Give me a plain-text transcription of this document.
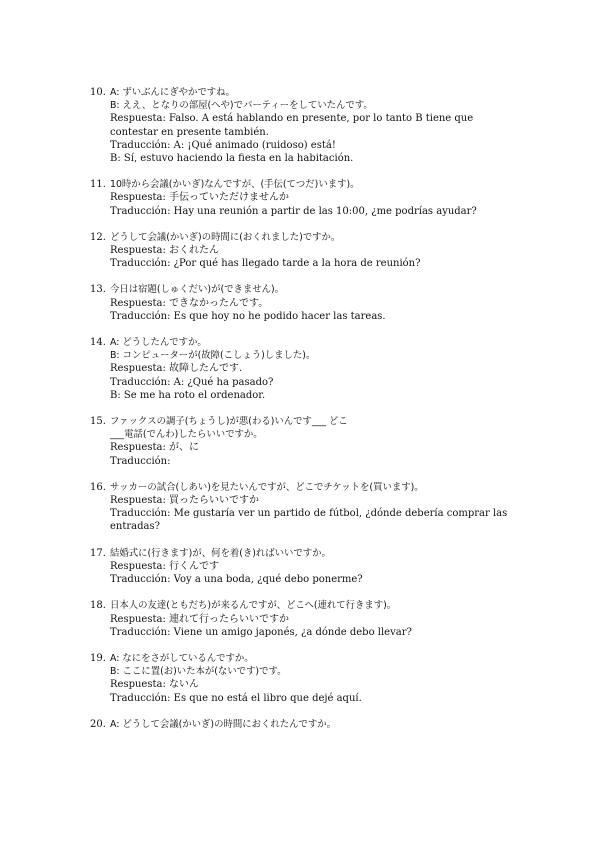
10. A: ずいぶんにぎやかですね。
B: ええ、となりの部屋(へや)でパーティーをしていたんです。
Respuesta: Falso. A está hablando en presente, por lo tanto B tiene que contestar en presente también.
Traducción: A: ¡Qué animado (ruidoso) está!
B: Sí, estuvo haciendo la fiesta en la habitación.
11. 10時から会議(かいぎ)なんですが、(手伝(てつだ)います)。
Respuesta: 手伝っていただけませんか
Traducción: Hay una reunión a partir de las 10:00, ¿me podrías ayudar?
12. どうして会議(かいぎ)の時間に(おくれました)ですか。
Respuesta: おくれたん
Traducción: ¿Por qué has llegado tarde a la hora de reunión?
13. 今日は宿題(しゅくだい)が(できません)。
Respuesta: できなかったんです。
Traducción: Es que hoy no he podido hacer las tareas.
14. A: どうしたんですか。
B: コンピューターが(故障(こしょう)しました)。
Respuesta: 故障したんです.
Traducción: A: ¿Qué ha pasado?
B: Se me ha roto el ordenador.
15. ファックスの調子(ちょうし)が悪(わる)いんです___ どこ
___電話(でんわ)したらいいですか。
Respuesta: が、に
Traducción:
16. サッカーの試合(しあい)を見たいんですが、どこでチケットを(買います)。
Respuesta: 買ったらいいですか
Traducción: Me gustaría ver un partido de fútbol, ¿dónde debería comprar las entradas?
17. 結婚式に(行きます)が、何を着(き)ればいいですか。
Respuesta: 行くんです
Traducción: Voy a una boda, ¿qué debo ponerme?
18. 日本人の友達(ともだち)が来るんですが、どこへ(連れて行きます)。
Respuesta: 連れて行ったらいいですか
Traducción: Viene un amigo japonés, ¿a dónde debo llevar?
19. A: なにをさがしているんですか。
B: ここに置(お)いた本が(ないです)です。
Respuesta: ないん
Traducción: Es que no está el libro que dejé aquí.
20. A: どうして会議(かいぎ)の時間におくれたんですか。
